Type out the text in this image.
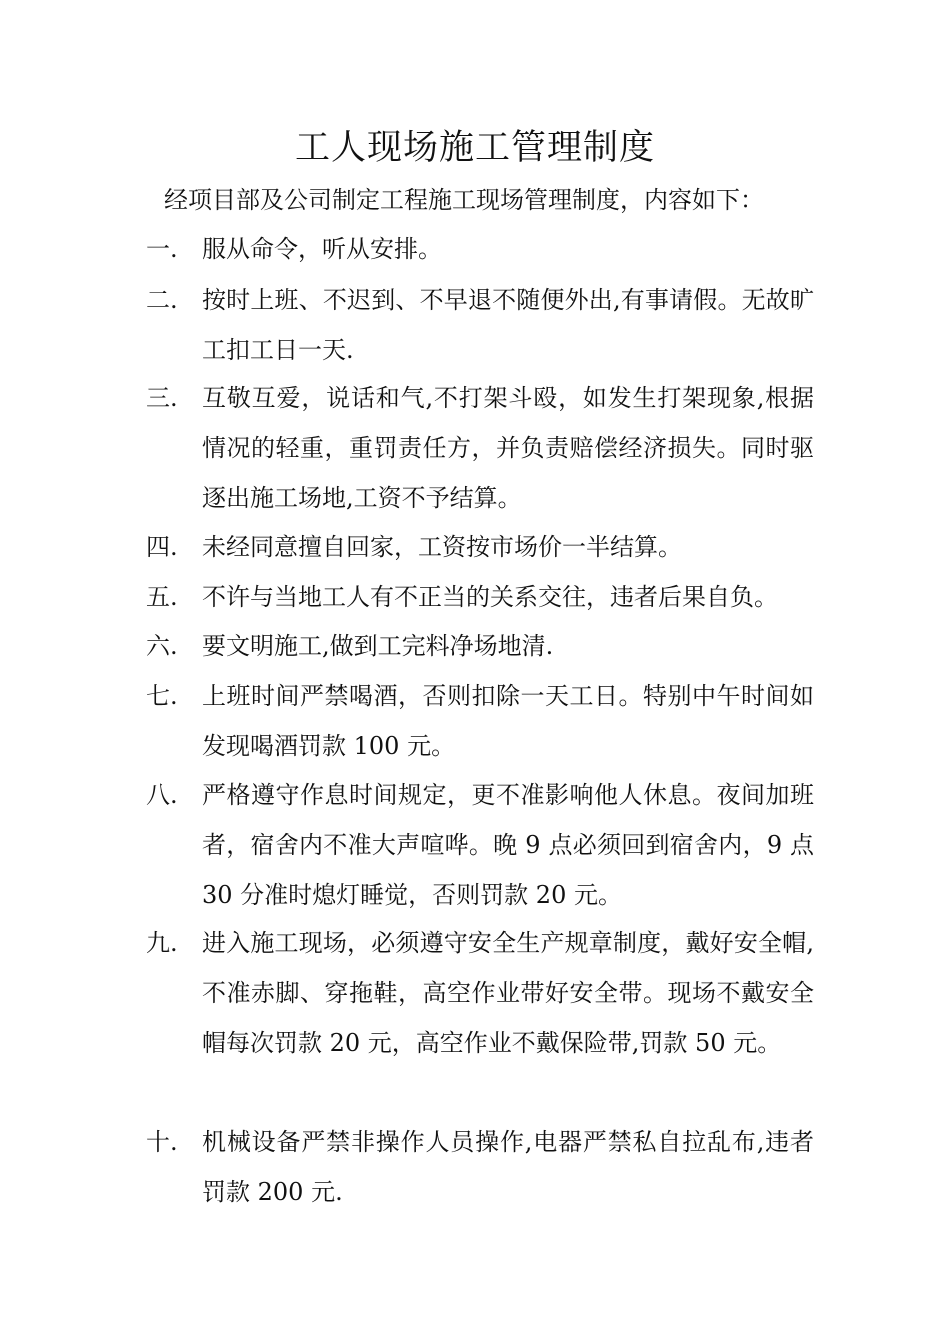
工人现场施工管理制度
经项目部及公司制定工程施工现场管理制度，内容如下：
一.	服从命令，听从安排。
二.	按时上班、不迟到、不早退不随便外出,有事请假。无故旷工扣工日一天.
三.	互敬互爱，说话和气,不打架斗殴，如发生打架现象,根据情况的轻重，重罚责任方，并负责赔偿经济损失。同时驱逐出施工场地,工资不予结算。
四.	未经同意擅自回家，工资按市场价一半结算。
五.	不许与当地工人有不正当的关系交往，违者后果自负。
六.	要文明施工,做到工完料净场地清.
七.	上班时间严禁喝酒，否则扣除一天工日。特别中午时间如发现喝酒罚款 100 元。
八.	严格遵守作息时间规定，更不准影响他人休息。夜间加班者，宿舍内不准大声喧哗。晚 9 点必须回到宿舍内，9 点 30 分准时熄灯睡觉，否则罚款 20 元。
九.	进入施工现场，必须遵守安全生产规章制度，戴好安全帽,不准赤脚、穿拖鞋，高空作业带好安全带。现场不戴安全帽每次罚款 20 元，高空作业不戴保险带,罚款 50 元。
十.	机械设备严禁非操作人员操作,电器严禁私自拉乱布,违者罚款 200 元.
